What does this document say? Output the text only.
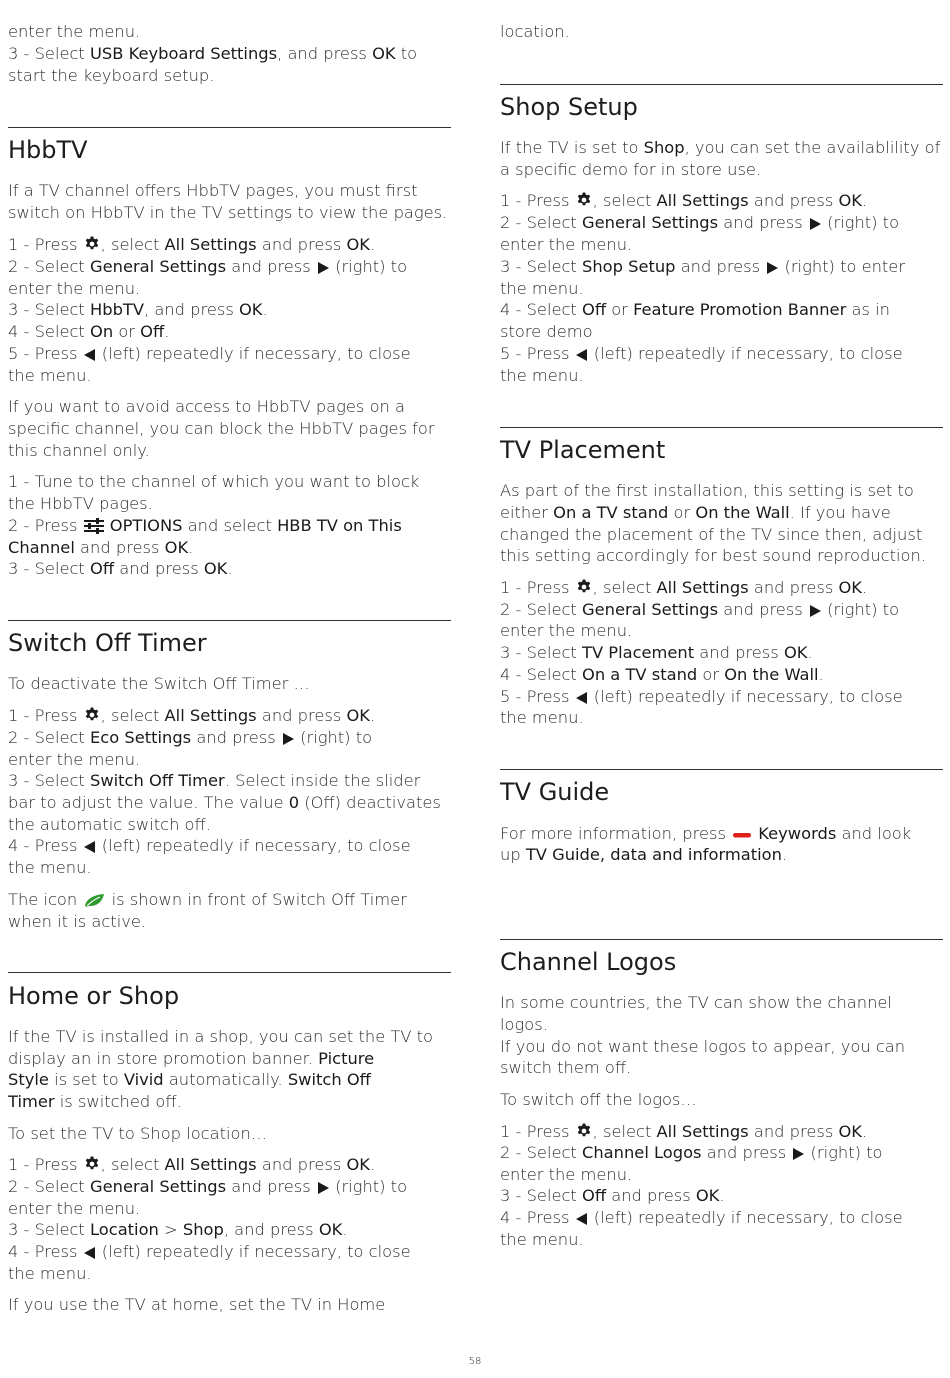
enter the menu.
3 - Select USB Keyboard Settings, and press OK to
start the keyboard setup.
HbbTV
If a TV channel offers HbbTV pages, you must first
switch on HbbTV in the TV settings to view the pages.
1 - Press , select All Settings and press OK.
2 - Select General Settings and press  (right) to
enter the menu.
3 - Select HbbTV, and press OK.
4 - Select On or Off.
5 - Press  (left) repeatedly if necessary, to close
the menu.
If you want to avoid access to HbbTV pages on a
specific channel, you can block the HbbTV pages for
this channel only.
1 - Tune to the channel of which you want to block
the HbbTV pages.
2 - Press  OPTIONS and select HBB TV on This
Channel and press OK.
3 - Select Off and press OK.
Switch Off Timer
To deactivate the Switch Off Timer …
1 - Press , select All Settings and press OK.
2 - Select Eco Settings and press  (right) to
enter the menu.
3 - Select Switch Off Timer. Select inside the slider
bar to adjust the value. The value 0 (Off) deactivates
the automatic switch off.
4 - Press  (left) repeatedly if necessary, to close
the menu.
The icon  is shown in front of Switch Off Timer
when it is active.
Home or Shop
If the TV is installed in a shop, you can set the TV to
display an in store promotion banner. Picture
Style is set to Vivid automatically. Switch Off
Timer is switched off.
To set the TV to Shop location…
1 - Press , select All Settings and press OK.
2 - Select General Settings and press  (right) to
enter the menu.
3 - Select Location > Shop, and press OK.
4 - Press  (left) repeatedly if necessary, to close
the menu.
If you use the TV at home, set the TV in Home
location.
Shop Setup
If the TV is set to Shop, you can set the availablility of
a specific demo for in store use.
1 - Press , select All Settings and press OK.
2 - Select General Settings and press  (right) to
enter the menu.
3 - Select Shop Setup and press  (right) to enter
the menu.
4 - Select Off or Feature Promotion Banner as in
store demo
5 - Press  (left) repeatedly if necessary, to close
the menu.
TV Placement
As part of the first installation, this setting is set to
either On a TV stand or On the Wall. If you have
changed the placement of the TV since then, adjust
this setting accordingly for best sound reproduction.
1 - Press , select All Settings and press OK.
2 - Select General Settings and press  (right) to
enter the menu.
3 - Select TV Placement and press OK.
4 - Select On a TV stand or On the Wall.
5 - Press  (left) repeatedly if necessary, to close
the menu.
TV Guide
For more information, press  Keywords and look
up TV Guide, data and information.
Channel Logos
In some countries, the TV can show the channel
logos.
If you do not want these logos to appear, you can
switch them off.
To switch off the logos…
1 - Press , select All Settings and press OK.
2 - Select Channel Logos and press  (right) to
enter the menu.
3 - Select Off and press OK.
4 - Press  (left) repeatedly if necessary, to close
the menu.
58
